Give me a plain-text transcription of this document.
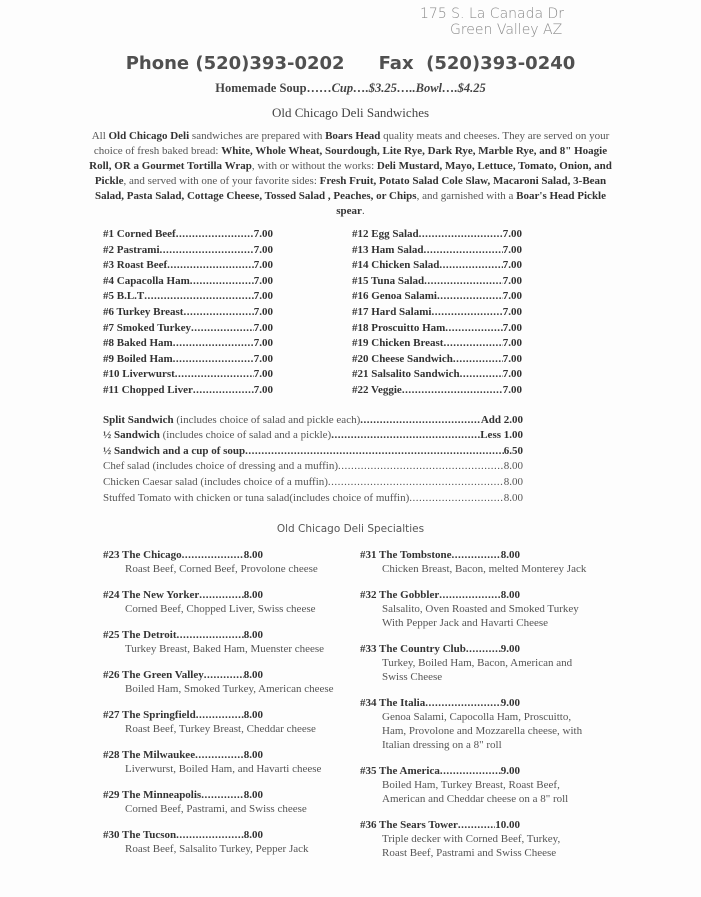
175 S. La Canada Dr
Green Valley AZ
Phone (520)393-0202 Fax  (520)393-0240
Homemade Soup……Cup….$3.25…..Bowl….$4.25
Old Chicago Deli Sandwiches
All Old Chicago Deli sandwiches are prepared with Boars Head quality meats and cheeses. They are served on your choice of fresh baked bread: White, Whole Wheat, Sourdough, Lite Rye, Dark Rye, Marble Rye, and 8" Hoagie Roll, OR a Gourmet Tortilla Wrap, with or without the works: Deli Mustard, Mayo, Lettuce, Tomato, Onion, and Pickle, and served with one of your favorite sides: Fresh Fruit, Potato Salad Cole Slaw, Macaroni Salad, 3-Bean Salad, Pasta Salad, Cottage Cheese, Tossed Salad , Peaches, or Chips, and garnished with a Boar's Head Pickle spear.
#1 Corned Beef .....	7.00
#2 Pastrami .....	7.00
#3 Roast Beef .....	7.00
#4 Capacolla Ham .....	7.00
#5 B.L.T .....	7.00
#6 Turkey Breast .....	7.00
#7 Smoked Turkey .....	7.00
#8 Baked Ham .....	7.00
#9 Boiled Ham .....	7.00
#10 Liverwurst .....	7.00
#11 Chopped Liver .....	7.00
#12 Egg Salad .....	7.00
#13 Ham Salad .....	7.00
#14 Chicken Salad .....	7.00
#15 Tuna Salad .....	7.00
#16 Genoa Salami .....	7.00
#17 Hard Salami .....	7.00
#18 Proscuitto Ham .....	7.00
#19 Chicken Breast .....	7.00
#20 Cheese Sandwich .....	7.00
#21 Salsalito Sandwich .....	7.00
#22 Veggie .....	7.00
Split Sandwich (includes choice of salad and pickle each) .....	Add 2.00
½ Sandwich (includes choice of salad and a pickle) .....	Less 1.00
½ Sandwich and a cup of soup .....	6.50
Chef salad (includes choice of dressing and a muffin) .....	8.00
Chicken Caesar salad (includes choice of a muffin) .....	8.00
Stuffed Tomato with chicken or tuna salad(includes choice of muffin) .....	8.00
Old Chicago Deli Specialties
#23 The Chicago .....	8.00
Roast Beef, Corned Beef, Provolone cheese
#24 The New Yorker .....	8.00
Corned Beef, Chopped Liver, Swiss cheese
#25 The Detroit .....	8.00
Turkey Breast, Baked Ham, Muenster cheese
#26 The Green Valley .....	8.00
Boiled Ham, Smoked Turkey, American cheese
#27 The Springfield .....	8.00
Roast Beef, Turkey Breast, Cheddar cheese
#28 The Milwaukee .....	8.00
Liverwurst, Boiled Ham, and Havarti cheese
#29 The Minneapolis .....	8.00
Corned Beef, Pastrami, and Swiss cheese
#30 The Tucson .....	8.00
Roast Beef, Salsalito Turkey, Pepper Jack
#31 The Tombstone .....	8.00
Chicken Breast, Bacon, melted Monterey Jack
#32 The Gobbler .....	8.00
Salsalito, Oven Roasted and Smoked Turkey
With Pepper Jack and Havarti Cheese
#33 The Country Club .....	9.00
Turkey, Boiled Ham, Bacon, American and
Swiss Cheese
#34 The Italia .....	9.00
Genoa Salami, Capocolla Ham, Proscuitto,
Ham, Provolone and Mozzarella cheese, with
Italian dressing on a 8" roll
#35 The America .....	9.00
Boiled Ham, Turkey Breast, Roast Beef,
American and Cheddar cheese on a 8" roll
#36 The Sears Tower .....	10.00
Triple decker with Corned Beef, Turkey,
Roast Beef, Pastrami and Swiss Cheese
